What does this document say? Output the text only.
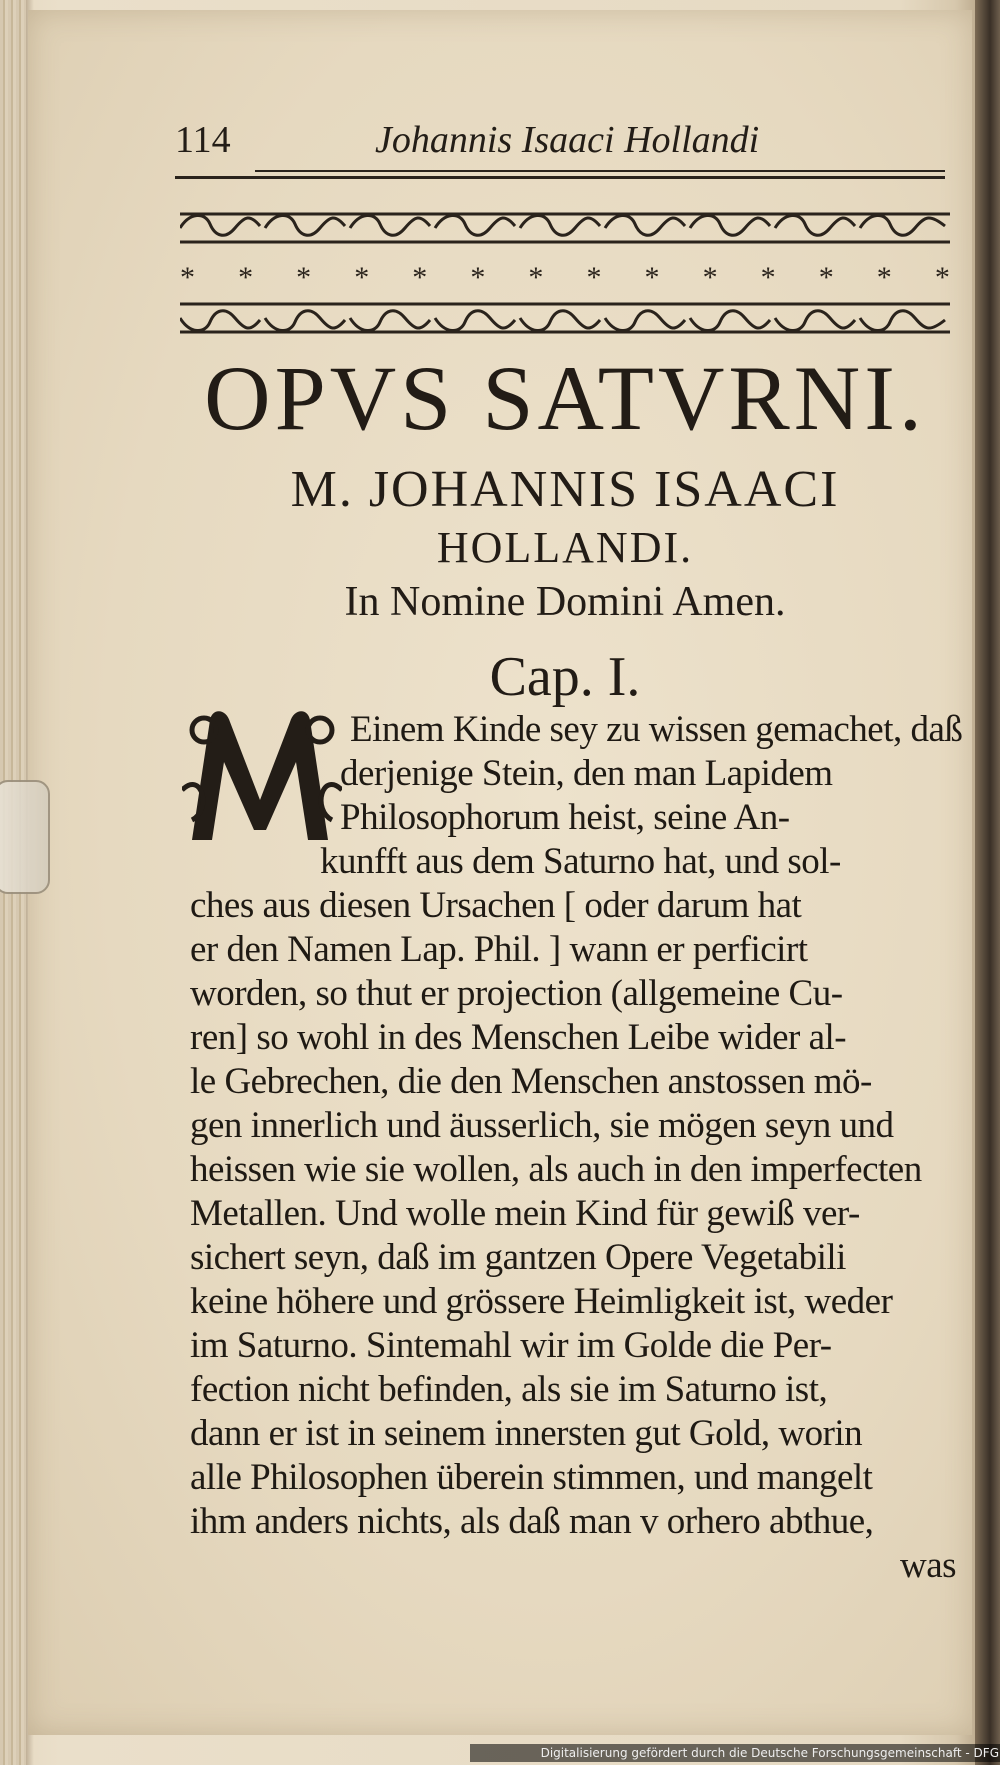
114	Johannis Isaaci Hollandi
* * * * * * * * * * * * * *
OPVS SATVRNI.
M. JOHANNIS ISAACI
HOLLANDI.
In Nomine Domini Amen.
Cap. I.
Einem Kinde sey zu wissen gemachet, daß
derjenige Stein, den man Lapidem
Philosophorum heist, seine An-
kunfft aus dem Saturno hat, und sol-
ches aus diesen Ursachen [ oder darum hat
er den Namen Lap. Phil. ] wann er perficirt
worden, so thut er projection (allgemeine Cu-
ren] so wohl in des Menschen Leibe wider al-
le Gebrechen, die den Menschen anstossen mö-
gen innerlich und äusserlich, sie mögen seyn und
heissen wie sie wollen, als auch in den imperfecten
Metallen. Und wolle mein Kind für gewiß ver-
sichert seyn, daß im gantzen Opere Vegetabili
keine höhere und grössere Heimligkeit ist, weder
im Saturno. Sintemahl wir im Golde die Per-
fection nicht befinden, als sie im Saturno ist,
dann er ist in seinem innersten gut Gold, worin
alle Philosophen überein stimmen, und mangelt
ihm anders nichts, als daß man v orhero abthue,
was
Digitalisierung gefördert durch die Deutsche Forschungsgemeinschaft - DFG
